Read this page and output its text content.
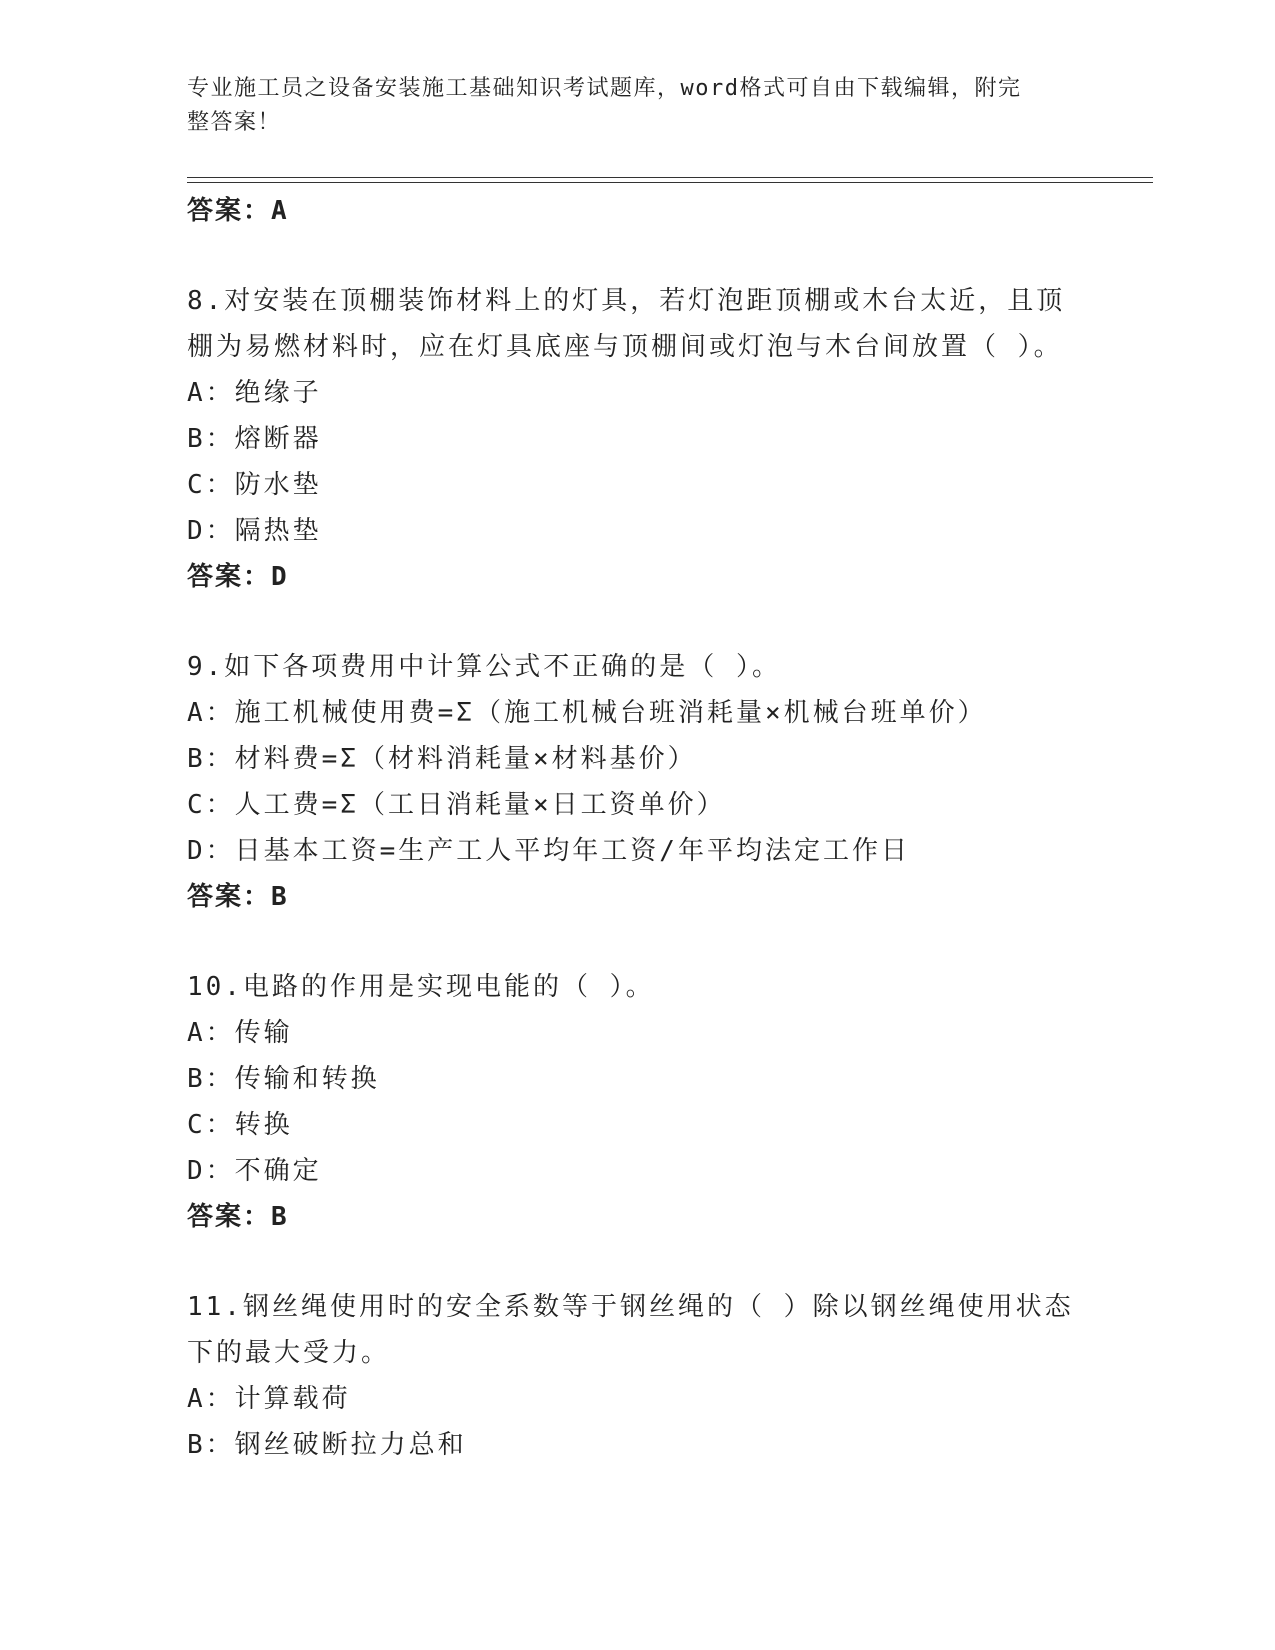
专业施工员之设备安装施工基础知识考试题库，word格式可自由下载编辑，附完
整答案！
答案：A
8.对安装在顶棚装饰材料上的灯具，若灯泡距顶棚或木台太近，且顶
棚为易燃材料时，应在灯具底座与顶棚间或灯泡与木台间放置（ ）。
A：绝缘子
B：熔断器
C：防水垫
D：隔热垫
答案：D
9.如下各项费用中计算公式不正确的是（ ）。
A：施工机械使用费=Σ（施工机械台班消耗量×机械台班单价）
B：材料费=Σ（材料消耗量×材料基价）
C：人工费=Σ（工日消耗量×日工资单价）
D：日基本工资=生产工人平均年工资/年平均法定工作日
答案：B
10.电路的作用是实现电能的（ ）。
A：传输
B：传输和转换
C：转换
D：不确定
答案：B
11.钢丝绳使用时的安全系数等于钢丝绳的（ ）除以钢丝绳使用状态
下的最大受力。
A：计算载荷
B：钢丝破断拉力总和
